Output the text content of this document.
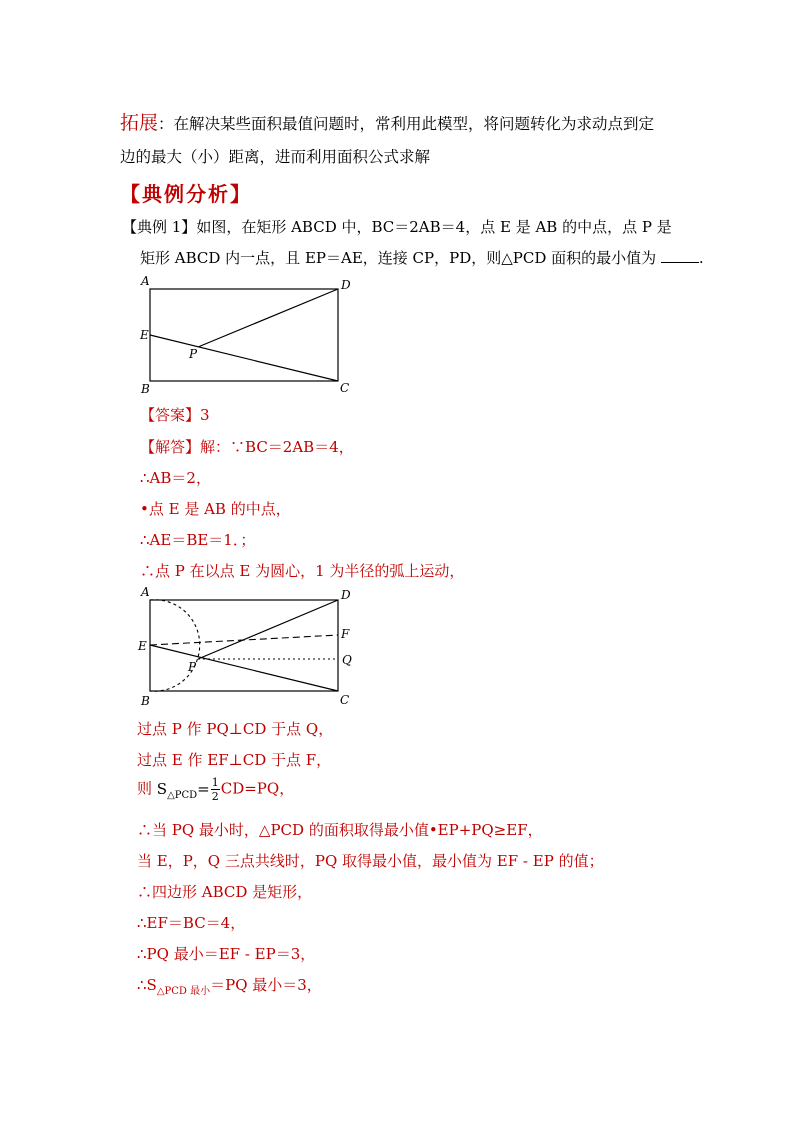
拓展：在解决某些面积最值问题时，常利用此模型，将问题转化为求动点到定
边的最大（小）距离，进而利用面积公式求解
【典例分析】
【典例 1】如图，在矩形 ABCD 中，BC＝2AB＝4，点 E 是 AB 的中点，点 P 是
矩形 ABCD 内一点，且 EP＝AE，连接 CP，PD，则△PCD 面积的最小值为	.
A	D
E
P
B	C
【答案】3
【解答】解：∵BC＝2AB＝4，
∴AB＝2，
•点 E 是 AB 的中点，
∴AE＝BE＝1．；
∴点 P 在以点 E 为圆心，1 为半径的弧上运动，
A	D
E
F
P	Q
B	C
过点 P 作 PQ⊥CD 于点 Q，
过点 E 作 EF⊥CD 于点 F，
则 $S_{\triangle PCD}= \frac{1}{2} CD=PQ$，
∴当 PQ 最小时，△PCD 的面积取得最小值•EP+PQ≥EF，
当 E，P，Q 三点共线时，PQ 取得最小值，最小值为 EF - EP 的值；
∴四边形 ABCD 是矩形，
∴EF＝BC＝4，
∴PQ 最小＝EF - EP＝3，
$\therefore S_{\triangle PCD 最小}=PQ$ 最小＝3，
